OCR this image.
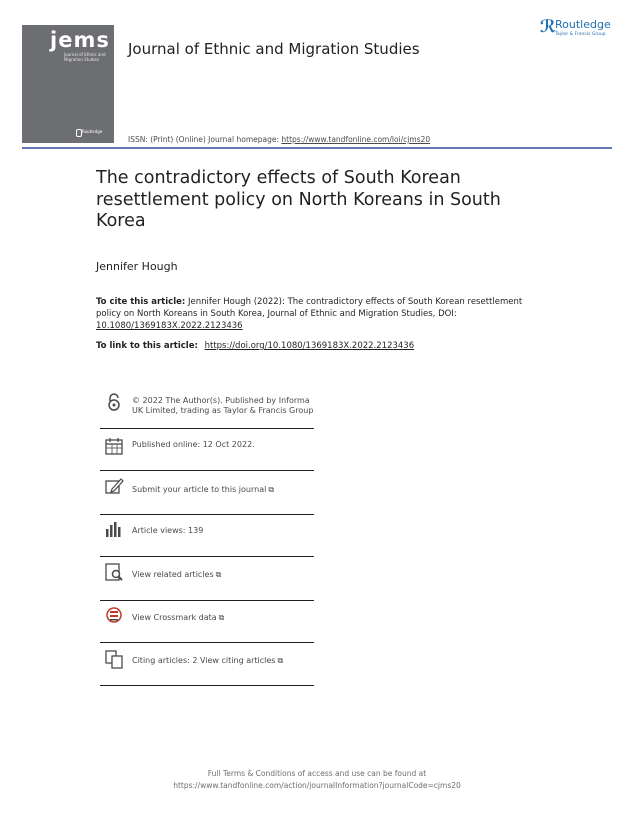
jems
Journal of Ethnic and Migration Studies
Routledge
Journal of Ethnic and Migration Studies
ℛ Routledge
Taylor & Francis Group
ISSN: (Print) (Online) Journal homepage: https://www.tandfonline.com/loi/cjms20
The contradictory effects of South Korean resettlement policy on North Koreans in South Korea
Jennifer Hough
To cite this article: Jennifer Hough (2022): The contradictory effects of South Korean resettlement policy on North Koreans in South Korea, Journal of Ethnic and Migration Studies, DOI: 10.1080/1369183X.2022.2123436
To link to this article: https://doi.org/10.1080/1369183X.2022.2123436
© 2022 The Author(s). Published by Informa UK Limited, trading as Taylor & Francis Group
Published online: 12 Oct 2022.
Submit your article to this journal ⧉
Article views: 139
View related articles ⧉
View Crossmark data ⧉
Citing articles: 2 View citing articles ⧉
Full Terms & Conditions of access and use can be found at
https://www.tandfonline.com/action/journalInformation?journalCode=cjms20
